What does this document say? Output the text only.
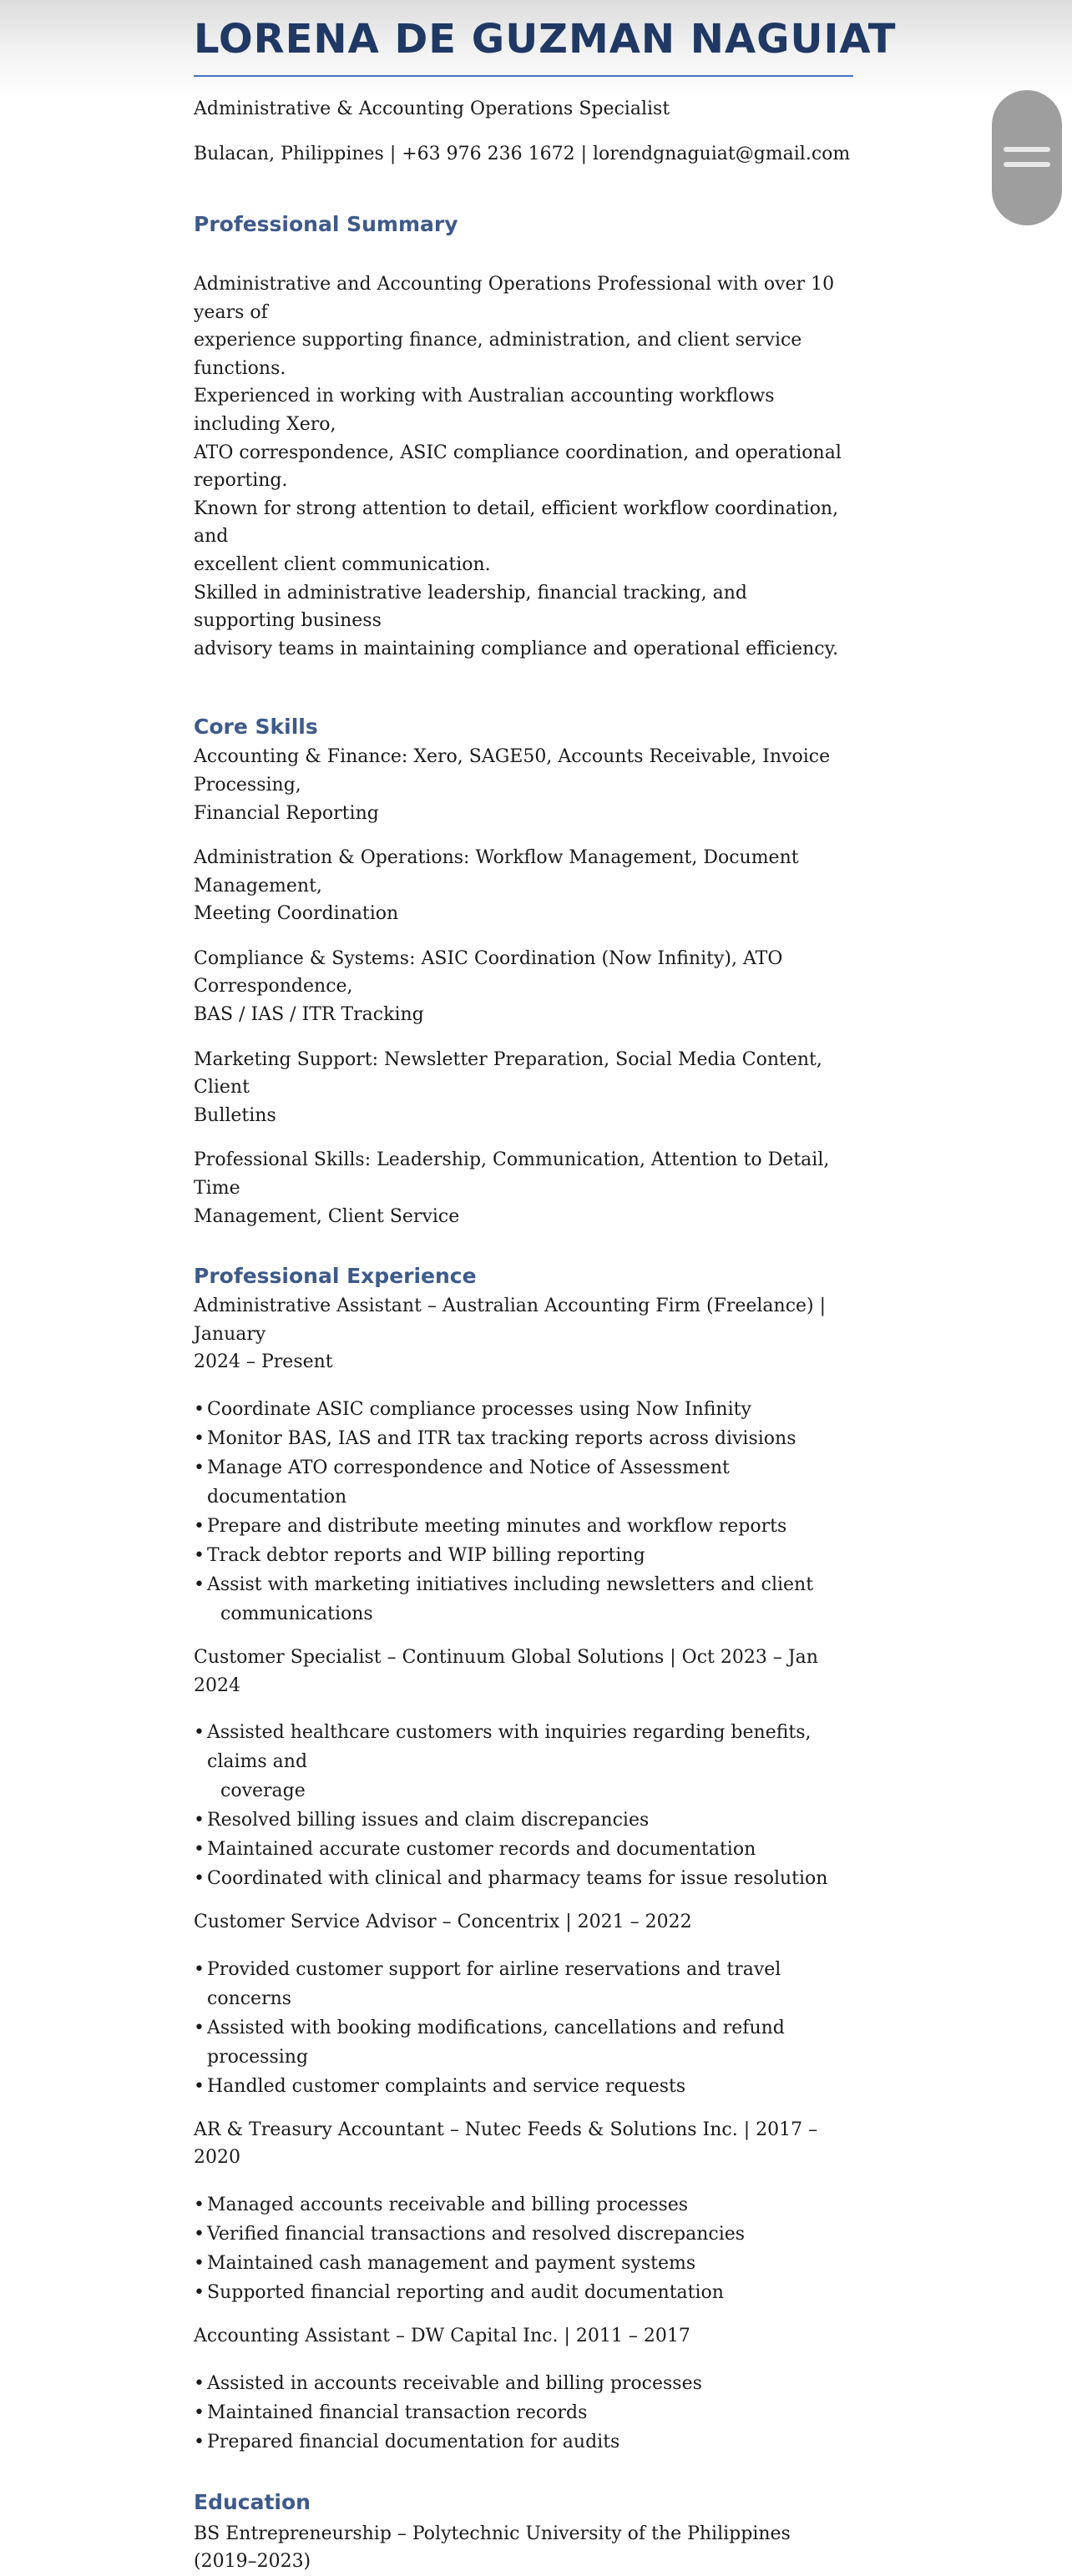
LORENA DE GUZMAN NAGUIAT

Administrative & Accounting Operations Specialist

Bulacan, Philippines | +63 976 236 1672 | lorendgnaguiat@gmail.com

Professional Summary
Administrative and Accounting Operations Professional with over 10 years of
experience supporting finance, administration, and client service functions.
Experienced in working with Australian accounting workflows including Xero,
ATO correspondence, ASIC compliance coordination, and operational reporting.
Known for strong attention to detail, efficient workflow coordination, and
excellent client communication.
Skilled in administrative leadership, financial tracking, and supporting business
advisory teams in maintaining compliance and operational efficiency.
Core Skills
Accounting & Finance: Xero, SAGE50, Accounts Receivable, Invoice Processing,
Financial Reporting
Administration & Operations: Workflow Management, Document Management,
Meeting Coordination
Compliance & Systems: ASIC Coordination (Now Infinity), ATO Correspondence,
BAS / IAS / ITR Tracking
Marketing Support: Newsletter Preparation, Social Media Content, Client
Bulletins
Professional Skills: Leadership, Communication, Attention to Detail, Time
Management, Client Service
Professional Experience
Administrative Assistant – Australian Accounting Firm (Freelance) | January
2024 – Present
• Coordinate ASIC compliance processes using Now Infinity
• Monitor BAS, IAS and ITR tax tracking reports across divisions
• Manage ATO correspondence and Notice of Assessment documentation
• Prepare and distribute meeting minutes and workflow reports
• Track debtor reports and WIP billing reporting
• Assist with marketing initiatives including newsletters and client
communications
Customer Specialist – Continuum Global Solutions | Oct 2023 – Jan 2024
• Assisted healthcare customers with inquiries regarding benefits, claims and
coverage
• Resolved billing issues and claim discrepancies
• Maintained accurate customer records and documentation
• Coordinated with clinical and pharmacy teams for issue resolution
Customer Service Advisor – Concentrix | 2021 – 2022
• Provided customer support for airline reservations and travel concerns
• Assisted with booking modifications, cancellations and refund processing
• Handled customer complaints and service requests
AR & Treasury Accountant – Nutec Feeds & Solutions Inc. | 2017 – 2020
• Managed accounts receivable and billing processes
• Verified financial transactions and resolved discrepancies
• Maintained cash management and payment systems
• Supported financial reporting and audit documentation
Accounting Assistant – DW Capital Inc. | 2011 – 2017
• Assisted in accounts receivable and billing processes
• Maintained financial transaction records
• Prepared financial documentation for audits
Education
BS Entrepreneurship – Polytechnic University of the Philippines (2019–2023)
